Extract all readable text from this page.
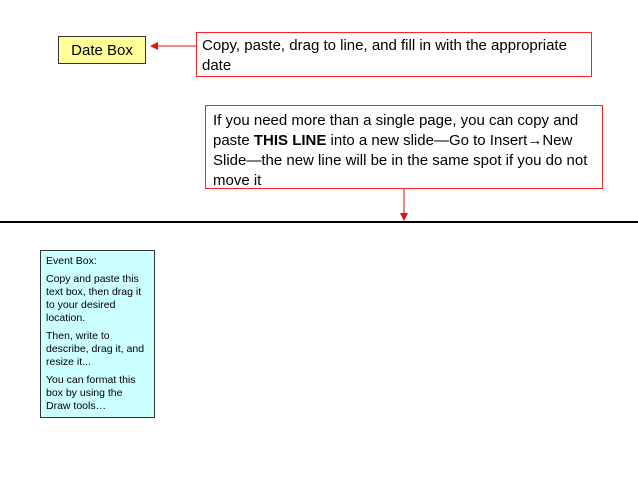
Date Box	Copy, paste, drag to line, and fill in with the appropriate date

If you need more than a single page, you can copy and paste THIS LINE into a new slide—Go to Insert→New Slide—the new line will be in the same spot if you do not move it

Event Box:

Copy and paste this text box, then drag it to your desired location.

Then, write to describe, drag it, and resize it...

You can format this box by using the Draw tools…
